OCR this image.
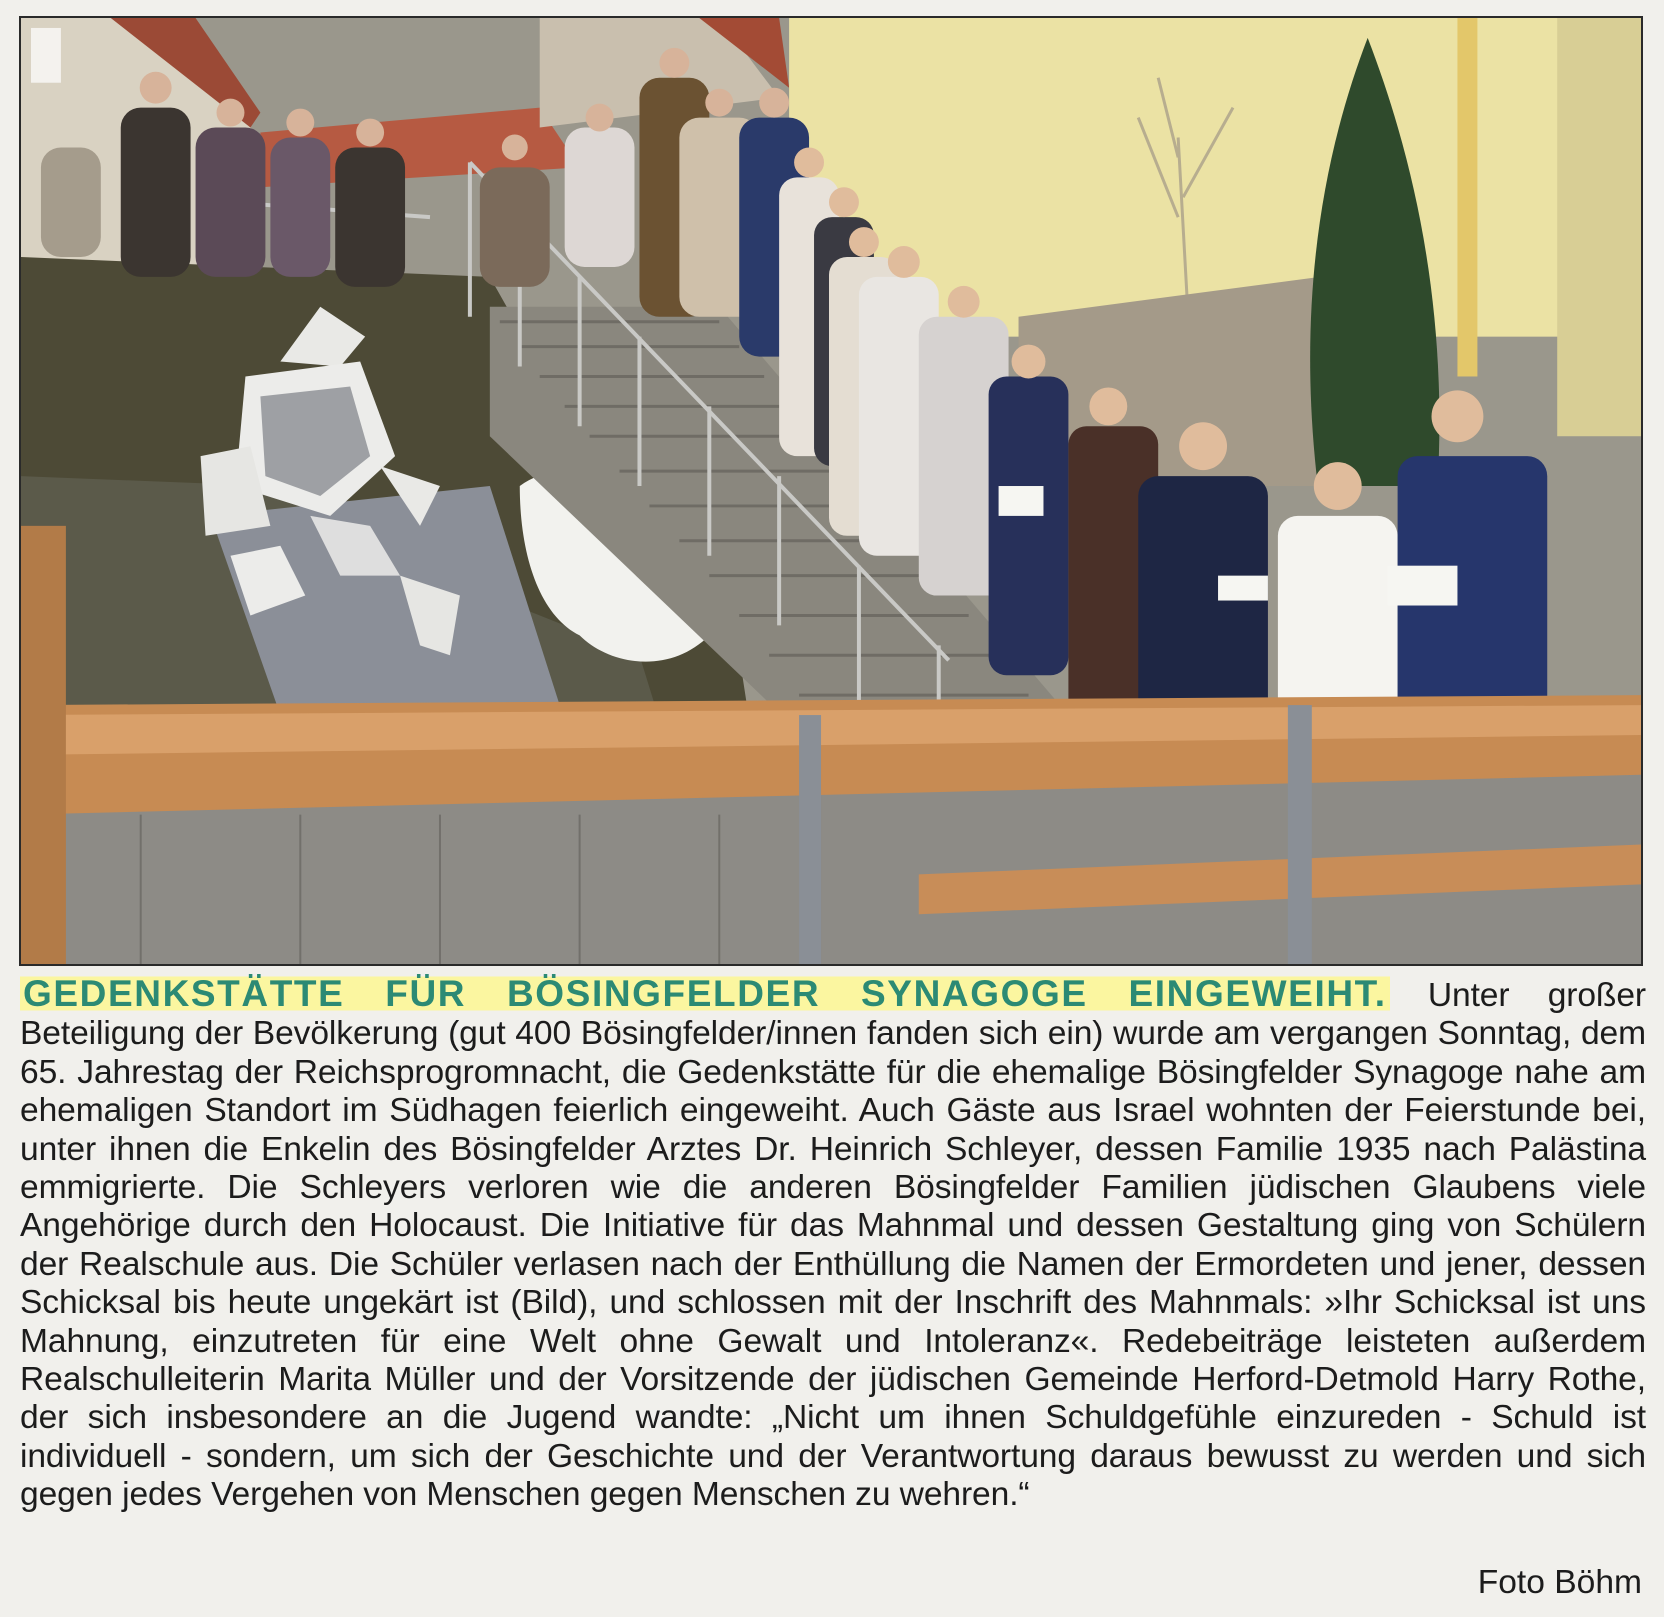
GEDENKSTÄTTE FÜR BÖSINGFELDER SYNAGOGE EINGEWEIHT. Unter großer Beteiligung der Bevölkerung (gut 400 Bösingfelder/innen fanden sich ein) wurde am vergangen Sonntag, dem 65. Jahrestag der Reichsprogromnacht, die Gedenkstätte für die ehemalige Bösingfelder Synagoge nahe am ehemaligen Standort im Südhagen feierlich eingeweiht. Auch Gäste aus Israel wohnten der Feierstunde bei, unter ihnen die Enkelin des Bösingfelder Arztes Dr. Heinrich Schleyer, dessen Familie 1935 nach Palästina emmigrierte. Die Schleyers verloren wie die anderen Bösingfelder Familien jüdischen Glaubens viele Angehörige durch den Holocaust. Die Initiative für das Mahnmal und dessen Gestaltung ging von Schülern der Realschule aus. Die Schüler verlasen nach der Enthüllung die Namen der Ermordeten und jener, dessen Schicksal bis heute ungekärt ist (Bild), und schlossen mit der Inschrift des Mahnmals: »Ihr Schicksal ist uns Mahnung, einzutreten für eine Welt ohne Gewalt und Intoleranz«. Redebeiträge leisteten außerdem Realschulleiterin Marita Müller und der Vorsitzende der jüdischen Gemeinde Herford-Detmold Harry Rothe, der sich insbesondere an die Jugend wandte: „Nicht um ihnen Schuldgefühle einzureden - Schuld ist individuell - sondern, um sich der Geschichte und der Verantwortung daraus bewusst zu werden und sich gegen jedes Vergehen von Menschen gegen Menschen zu wehren.“
Foto Böhm
